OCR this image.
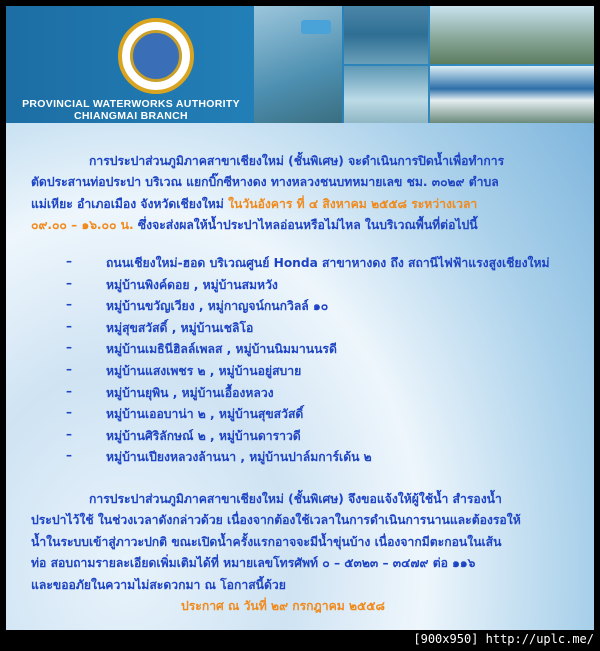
PROVINCIAL WATERWORKS AUTHORITY
CHIANGMAI BRANCH
การประปาส่วนภูมิภาคสาขาเชียงใหม่ (ชั้นพิเศษ) จะดำเนินการปิดน้ำเพื่อทำการ
ตัดประสานท่อประปา บริเวณ แยกบิ๊กซีหางดง ทางหลวงชนบทหมายเลข ชม. ๓๐๒๙ ตำบล
แม่เหียะ อำเภอเมือง จังหวัดเชียงใหม่ ในวันอังคาร ที่ ๔ สิงหาคม ๒๕๕๘ ระหว่างเวลา
๐๙.๐๐ – ๑๖.๐๐ น. ซึ่งจะส่งผลให้น้ำประปาไหลอ่อนหรือไม่ไหล ในบริเวณพื้นที่ต่อไปนี้
–	ถนนเชียงใหม่-ฮอด บริเวณศูนย์ Honda สาขาหางดง ถึง สถานีไฟฟ้าแรงสูงเชียงใหม่
–	หมู่บ้านพิงค์ดอย , หมู่บ้านสมหวัง
–	หมู่บ้านขวัญเวียง , หมู่กาญจน์กนกวิลล์ ๑๐
–	หมู่สุขสวัสดิ์ , หมู่บ้านเชลิโอ
–	หมู่บ้านเมธินีฮิลล์เพลส , หมู่บ้านนิมมานนรดี
–	หมู่บ้านแสงเพชร ๒ , หมู่บ้านอยู่สบาย
–	หมู่บ้านยุพิน , หมู่บ้านเอื้องหลวง
–	หมู่บ้านเออบาน่า ๒ , หมู่บ้านสุขสวัสดิ์
–	หมู่บ้านศิริลักษณ์ ๒ , หมู่บ้านดาราวดี
–	หมู่บ้านเปียงหลวงล้านนา , หมู่บ้านปาล์มการ์เด้น ๒
การประปาส่วนภูมิภาคสาขาเชียงใหม่ (ชั้นพิเศษ) จึงขอแจ้งให้ผู้ใช้น้ำ สำรองน้ำ
ประปาไว้ใช้ ในช่วงเวลาดังกล่าวด้วย เนื่องจากต้องใช้เวลาในการดำเนินการนานและต้องรอให้
น้ำในระบบเข้าสู่ภาวะปกติ ขณะเปิดน้ำครั้งแรกอาจจะมีน้ำขุ่นบ้าง เนื่องจากมีตะกอนในเส้น
ท่อ สอบถามรายละเอียดเพิ่มเติมได้ที่ หมายเลขโทรศัพท์ ๐ – ๕๓๒๓ – ๓๔๗๙ ต่อ ๑๑๖
และขออภัยในความไม่สะดวกมา ณ โอกาสนี้ด้วย
ประกาศ ณ วันที่ ๒๙ กรกฎาคม ๒๕๕๘
[900x950] http://uplc.me/
